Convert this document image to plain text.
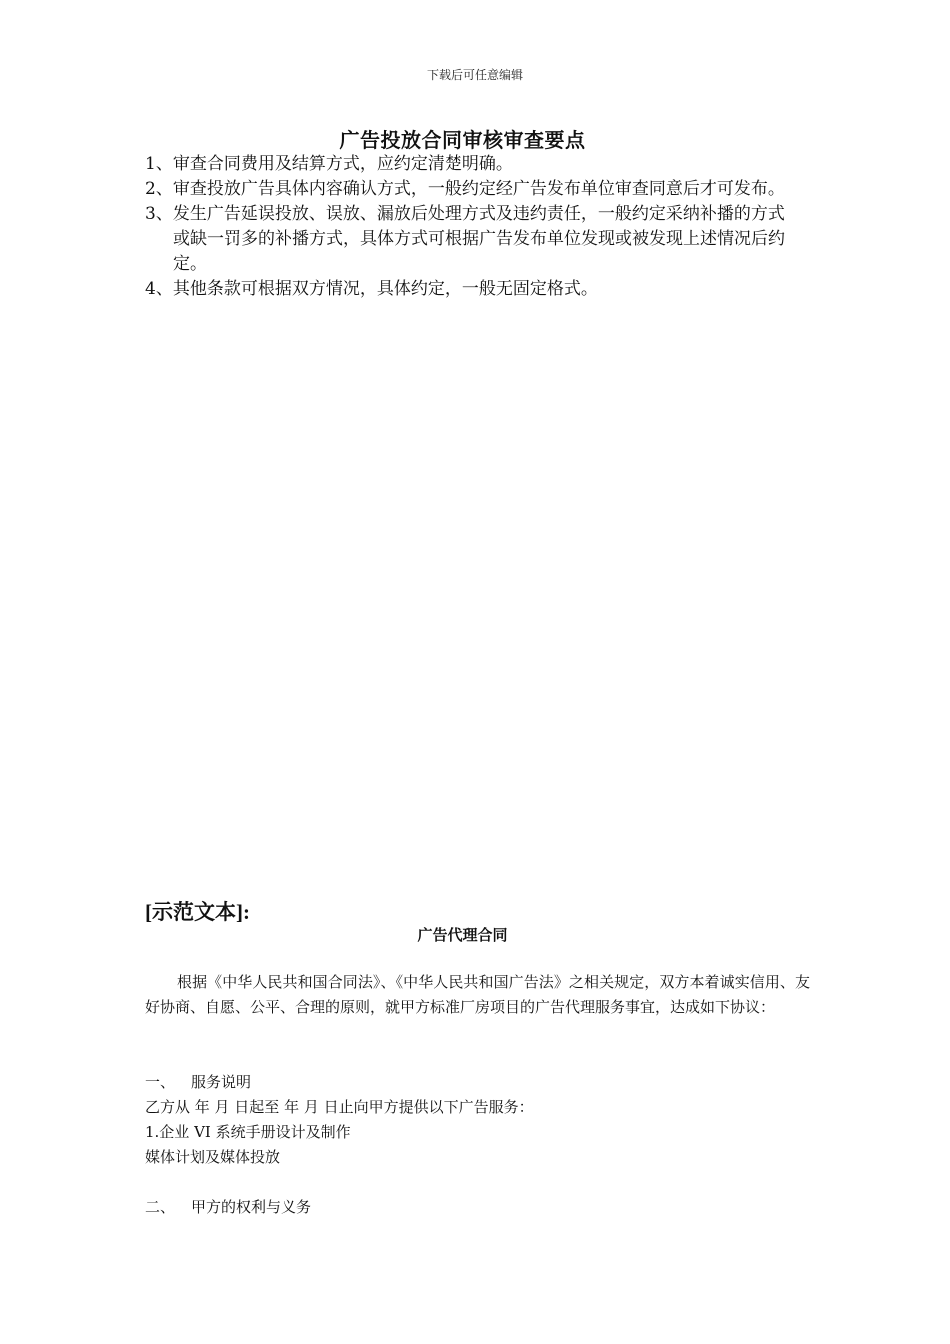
下载后可任意编辑
广告投放合同审核审查要点
1、审查合同费用及结算方式，应约定清楚明确。
2、审查投放广告具体内容确认方式，一般约定经广告发布单位审查同意后才可发布。
3、发生广告延误投放、误放、漏放后处理方式及违约责任，一般约定采纳补播的方式或缺一罚多的补播方式，具体方式可根据广告发布单位发现或被发现上述情况后约定。
4、其他条款可根据双方情况，具体约定，一般无固定格式。
[示范文本]:
广告代理合同
根据《中华人民共和国合同法》、《中华人民共和国广告法》之相关规定，双方本着诚实信用、友好协商、自愿、公平、合理的原则，就甲方标准厂房项目的广告代理服务事宜，达成如下协议：
一、 服务说明
乙方从 年 月 日起至 年 月 日止向甲方提供以下广告服务：
1.企业 VI 系统手册设计及制作
媒体计划及媒体投放
二、 甲方的权利与义务
